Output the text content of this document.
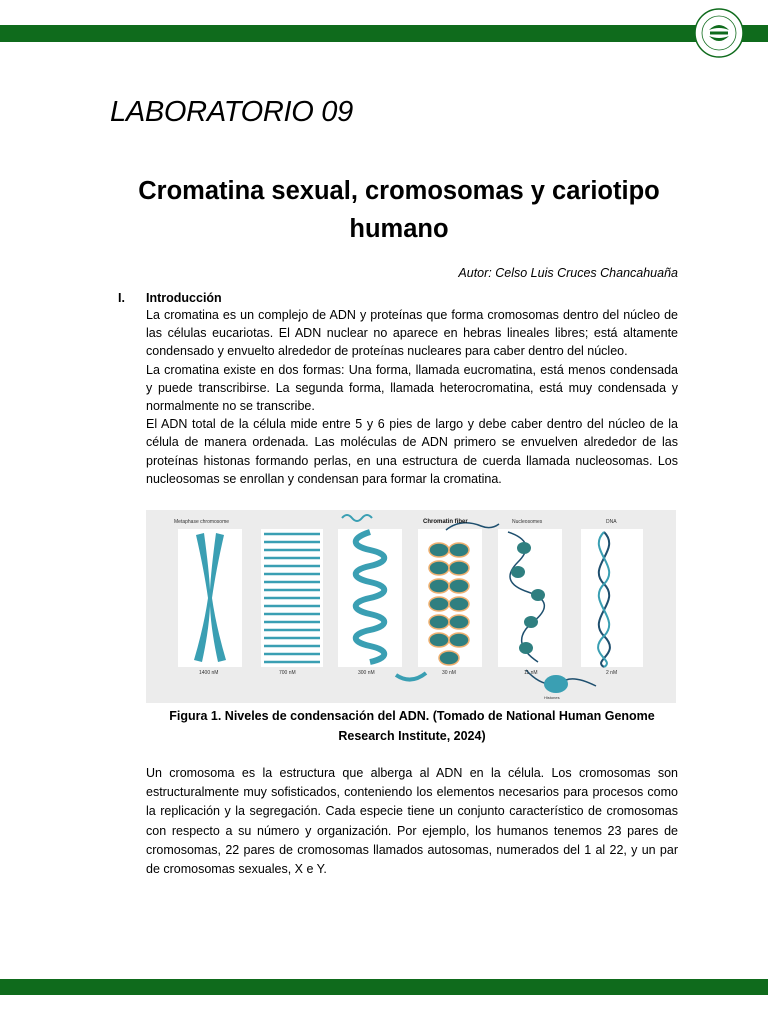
LABORATORIO 09
Cromatina sexual, cromosomas y cariotipo humano
Autor: Celso Luis Cruces Chancahuaña
I. Introducción
La cromatina es un complejo de ADN y proteínas que forma cromosomas dentro del núcleo de las células eucariotas. El ADN nuclear no aparece en hebras lineales libres; está altamente condensado y envuelto alrededor de proteínas nucleares para caber dentro del núcleo.
La cromatina existe en dos formas: Una forma, llamada eucromatina, está menos condensada y puede transcribirse. La segunda forma, llamada heterocromatina, está muy condensada y normalmente no se transcribe.
El ADN total de la célula mide entre 5 y 6 pies de largo y debe caber dentro del núcleo de la célula de manera ordenada. Las moléculas de ADN primero se envuelven alrededor de las proteínas histonas formando perlas, en una estructura de cuerda llamada nucleosomas. Los nucleosomas se enrollan y condensan para formar la cromatina.
Metaphase chromosome	Chromatin fiber	Nucleosomes	DNA
Histones
1400 nM	700 nM	300 nM	30 nM	11 nM	2 nM
Figura 1. Niveles de condensación del ADN. (Tomado de National Human Genome Research Institute, 2024)
Un cromosoma es la estructura que alberga al ADN en la célula. Los cromosomas son estructuralmente muy sofisticados, conteniendo los elementos necesarios para procesos como la replicación y la segregación. Cada especie tiene un conjunto característico de cromosomas con respecto a su número y organización. Por ejemplo, los humanos tenemos 23 pares de cromosomas, 22 pares de cromosomas llamados autosomas, numerados del 1 al 22, y un par de cromosomas sexuales, X e Y.
